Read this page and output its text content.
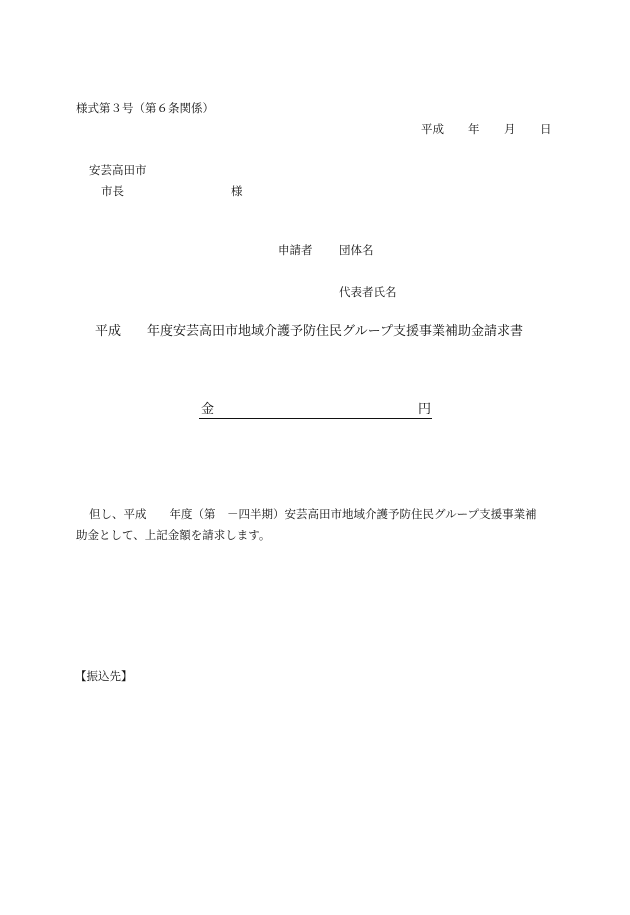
様式第３号（第６条関係）
平成 年 月 日
安芸高田市
市長	様
申請者 団体名
代表者氏名
平成 年度安芸高田市地域介護予防住民グループ支援事業補助金請求書
金	円
但し、平成　　年度（第　－四半期）安芸高田市地域介護予防住民グループ支援事業補
助金として、上記金額を請求します。
【振込先】
